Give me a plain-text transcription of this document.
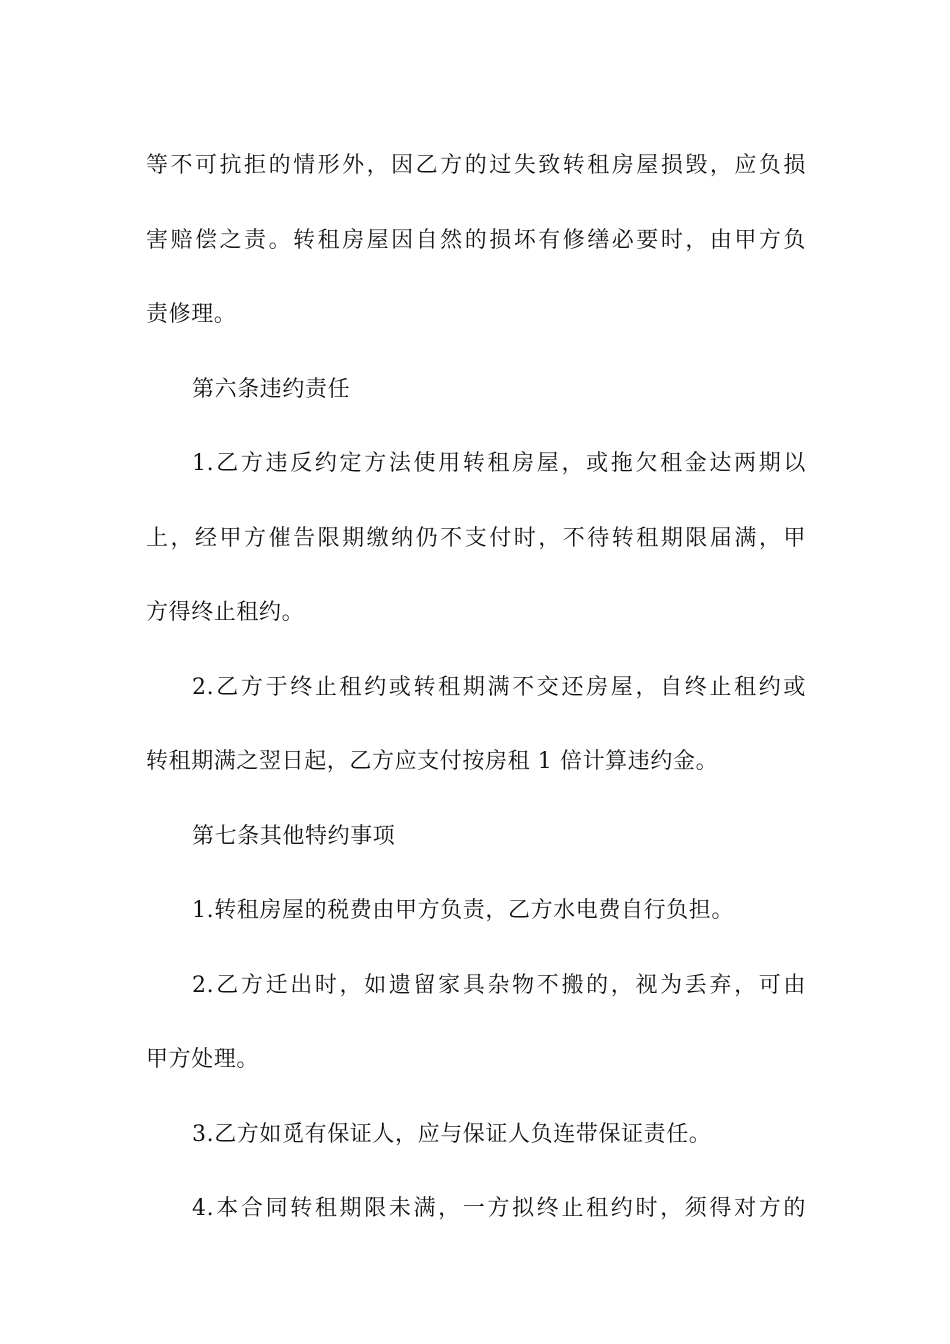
等不可抗拒的情形外，因乙方的过失致转租房屋损毁，应负损
害赔偿之责。转租房屋因自然的损坏有修缮必要时，由甲方负
责修理。
第六条违约责任
1.乙方违反约定方法使用转租房屋，或拖欠租金达两期以
上，经甲方催告限期缴纳仍不支付时，不待转租期限届满，甲
方得终止租约。
2.乙方于终止租约或转租期满不交还房屋，自终止租约或
转租期满之翌日起，乙方应支付按房租 1 倍计算违约金。
第七条其他特约事项
1.转租房屋的税费由甲方负责，乙方水电费自行负担。
2.乙方迁出时，如遗留家具杂物不搬的，视为丢弃，可由
甲方处理。
3.乙方如觅有保证人，应与保证人负连带保证责任。
4.本合同转租期限未满，一方拟终止租约时，须得对方的
